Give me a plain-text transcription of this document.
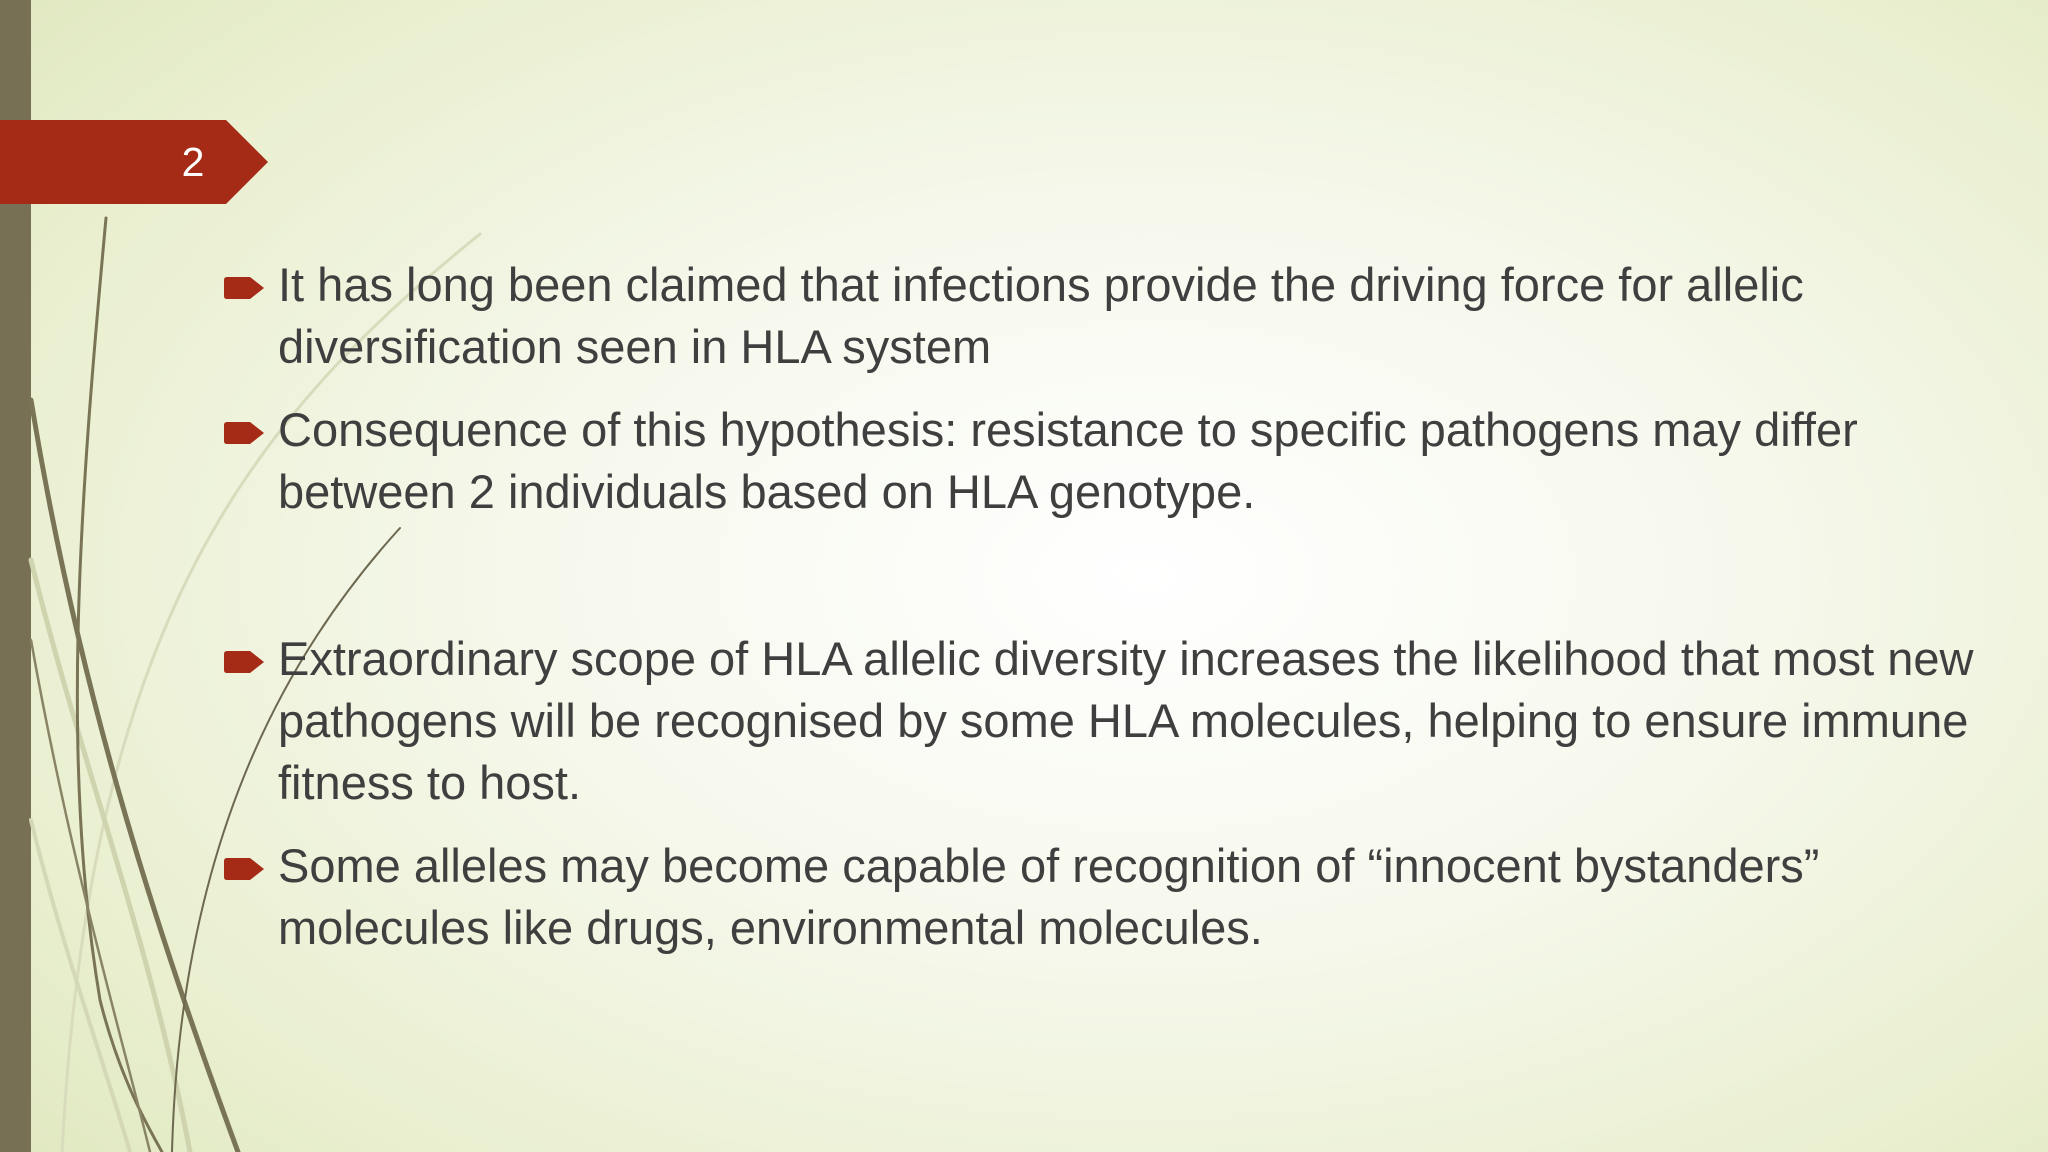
2
It has long been claimed that infections provide the driving force for allelic diversification seen in HLA system
Consequence of this hypothesis: resistance to specific pathogens may differ between 2 individuals based on HLA genotype.
Extraordinary scope of HLA allelic diversity increases the likelihood that most new pathogens will be recognised by some HLA molecules, helping to ensure immune fitness to host.
Some alleles may become capable of recognition of “innocent bystanders” molecules like drugs, environmental molecules.
